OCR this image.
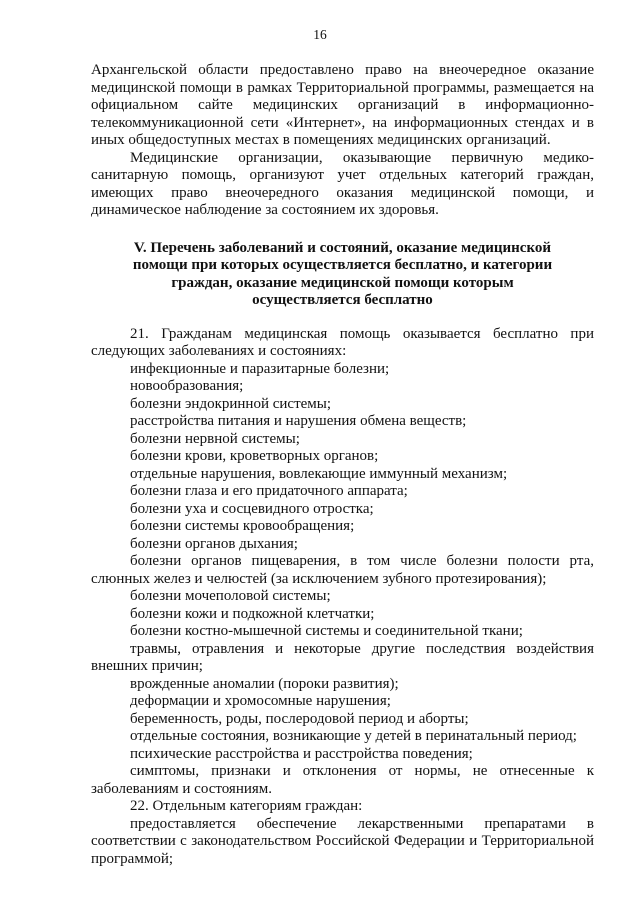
16

Архангельской области предоставлено право на внеочередное оказание медицинской помощи в рамках Территориальной программы, размещается на официальном сайте медицинских организаций в информационно-телекоммуникационной сети «Интернет», на информационных стендах и в иных общедоступных местах в помещениях медицинских организаций.

Медицинские организации, оказывающие первичную медико-санитарную помощь, организуют учет отдельных категорий граждан, имеющих право внеочередного оказания медицинской помощи, и динамическое наблюдение за состоянием их здоровья.

V. Перечень заболеваний и состояний, оказание медицинской

помощи при которых осуществляется бесплатно, и категории

граждан, оказание медицинской помощи которым

осуществляется бесплатно

21. Гражданам медицинская помощь оказывается бесплатно при следующих заболеваниях и состояниях:

инфекционные и паразитарные болезни;

новообразования;

болезни эндокринной системы;

расстройства питания и нарушения обмена веществ;

болезни нервной системы;

болезни крови, кроветворных органов;

отдельные нарушения, вовлекающие иммунный механизм;

болезни глаза и его придаточного аппарата;

болезни уха и сосцевидного отростка;

болезни системы кровообращения;

болезни органов дыхания;

болезни органов пищеварения, в том числе болезни полости рта, слюнных желез и челюстей (за исключением зубного протезирования);

болезни мочеполовой системы;

болезни кожи и подкожной клетчатки;

болезни костно-мышечной системы и соединительной ткани;

травмы, отравления и некоторые другие последствия воздействия внешних причин;

врожденные аномалии (пороки развития);

деформации и хромосомные нарушения;

беременность, роды, послеродовой период и аборты;

отдельные состояния, возникающие у детей в перинатальный период;

психические расстройства и расстройства поведения;

симптомы, признаки и отклонения от нормы, не отнесенные к заболеваниям и состояниям.

22. Отдельным категориям граждан:

предоставляется обеспечение лекарственными препаратами в соответствии с законодательством Российской Федерации и Территориальной программой;
